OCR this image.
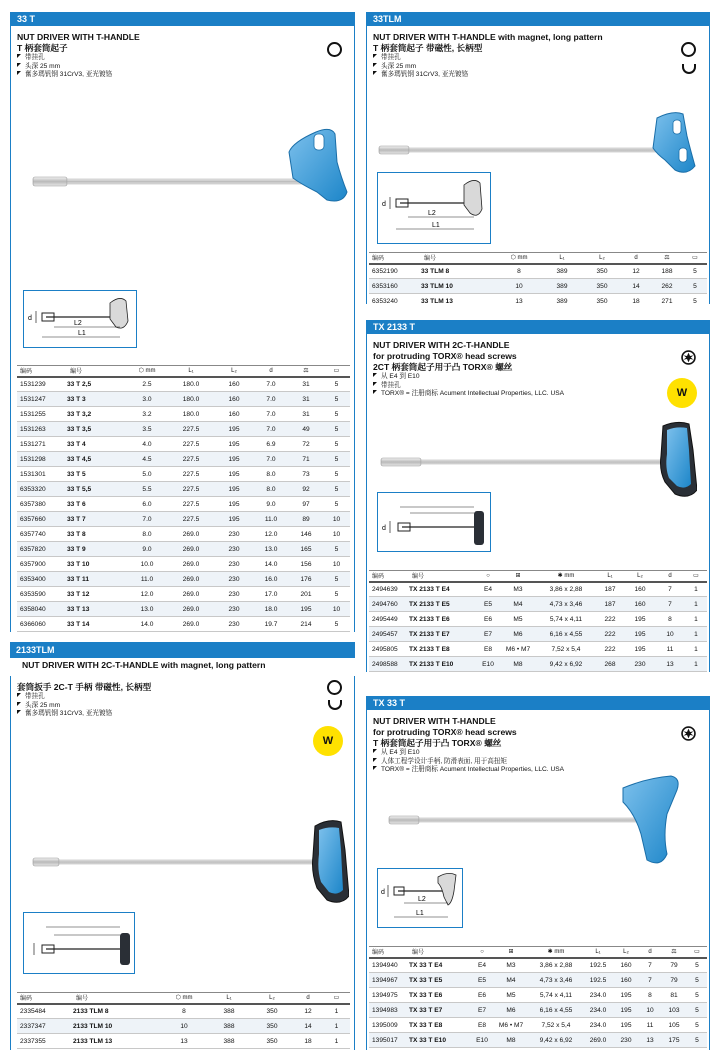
33 T
NUT DRIVER WITH T-HANDLE
T 柄套筒起子
带挂孔
头深 25 mm
奮多瑪钒钢 31CrV3, 亚光镀铬
d
L2
L1
编码	編号	⬡ mm	L₁	L₂	d	⚖	▭
1531239	33 T 2,5	2.5	180.0	160	7.0	31	5
1531247	33 T 3	3.0	180.0	160	7.0	31	5
1531255	33 T 3,2	3.2	180.0	160	7.0	31	5
1531263	33 T 3,5	3.5	227.5	195	7.0	49	5
1531271	33 T 4	4.0	227.5	195	6.9	72	5
1531298	33 T 4,5	4.5	227.5	195	7.0	71	5
1531301	33 T 5	5.0	227.5	195	8.0	73	5
6353320	33 T 5,5	5.5	227.5	195	8.0	92	5
6357380	33 T 6	6.0	227.5	195	9.0	97	5
6357660	33 T 7	7.0	227.5	195	11.0	89	10
6357740	33 T 8	8.0	269.0	230	12.0	146	10
6357820	33 T 9	9.0	269.0	230	13.0	165	5
6357900	33 T 10	10.0	269.0	230	14.0	156	10
6353400	33 T 11	11.0	269.0	230	16.0	176	5
6353590	33 T 12	12.0	269.0	230	17.0	201	5
6358040	33 T 13	13.0	269.0	230	18.0	195	10
6366060	33 T 14	14.0	269.0	230	19.7	214	5
33TLM
NUT DRIVER WITH T-HANDLE with magnet, long pattern
T 柄套筒起子 带磁性, 长柄型
带挂孔
头深 25 mm
奮多瑪钒钢 31CrV3, 亚光镀铬
d
L2
L1
编码	编号	⬡ mm	L₁	L₂	d	⚖	▭
6352190	33 TLM 8	8	389	350	12	188	5
6353160	33 TLM 10	10	389	350	14	262	5
6353240	33 TLM 13	13	389	350	18	271	5
TX 2133 T
NUT DRIVER WITH 2C-T-HANDLE
for protruding TORX® head screws
2CT 柄套筒起子用于凸 TORX® 螺丝
从 E4 到 E10
带挂孔
TORX® = 注册商标 Acument Intellectual Properties, LLC. USA	W
d
编码	编号	○	⊞	✱ mm	L₁	L₂	d	▭
2494639	TX 2133 T E4	E4	M3	3,86 x 2,88	187	160	7	1
2494760	TX 2133 T E5	E5	M4	4,73 x 3,46	187	160	7	1
2495449	TX 2133 T E6	E6	M5	5,74 x 4,11	222	195	8	1
2495457	TX 2133 T E7	E7	M6	6,16 x 4,55	222	195	10	1
2495805	TX 2133 T E8	E8	M6 • M7	7,52 x 5,4	222	195	11	1
2498588	TX 2133 T E10	E10	M8	9,42 x 6,92	268	230	13	1
2133TLM
NUT DRIVER WITH 2C-T-HANDLE with magnet, long pattern
套筒扳手 2C-T 手柄 带磁性, 长柄型
带挂孔
头深 25 mm
奮多瑪钒钢 31CrV3, 亚光镀铬
W
编码	编号	⬡ mm	L₁	L₂	d	▭
2335484	2133 TLM 8	8	388	350	12	1
2337347	2133 TLM 10	10	388	350	14	1
2337355	2133 TLM 13	13	388	350	18	1
TX 33 T
NUT DRIVER WITH T-HANDLE
for protruding TORX® head screws
T 柄套筒起子用于凸 TORX® 螺丝
从 E4 到 E10
人体工程学设计手柄, 防滑表面, 用于高扭矩
TORX® = 注册商标 Acument Intellectual Properties, LLC. USA
d
L2
L1
编码	编号	○	⊞	✱ mm	L₁	L₂	d	⚖	▭
1394940	TX 33 T E4	E4	M3	3,86 x 2,88	192.5	160	7	79	5
1394967	TX 33 T E5	E5	M4	4,73 x 3,46	192.5	160	7	79	5
1394975	TX 33 T E6	E6	M5	5,74 x 4,11	234.0	195	8	81	5
1394983	TX 33 T E7	E7	M6	6,16 x 4,55	234.0	195	10	103	5
1395009	TX 33 T E8	E8	M6 • M7	7,52 x 5,4	234.0	195	11	105	5
1395017	TX 33 T E10	E10	M8	9,42 x 6,92	269.0	230	13	175	5
